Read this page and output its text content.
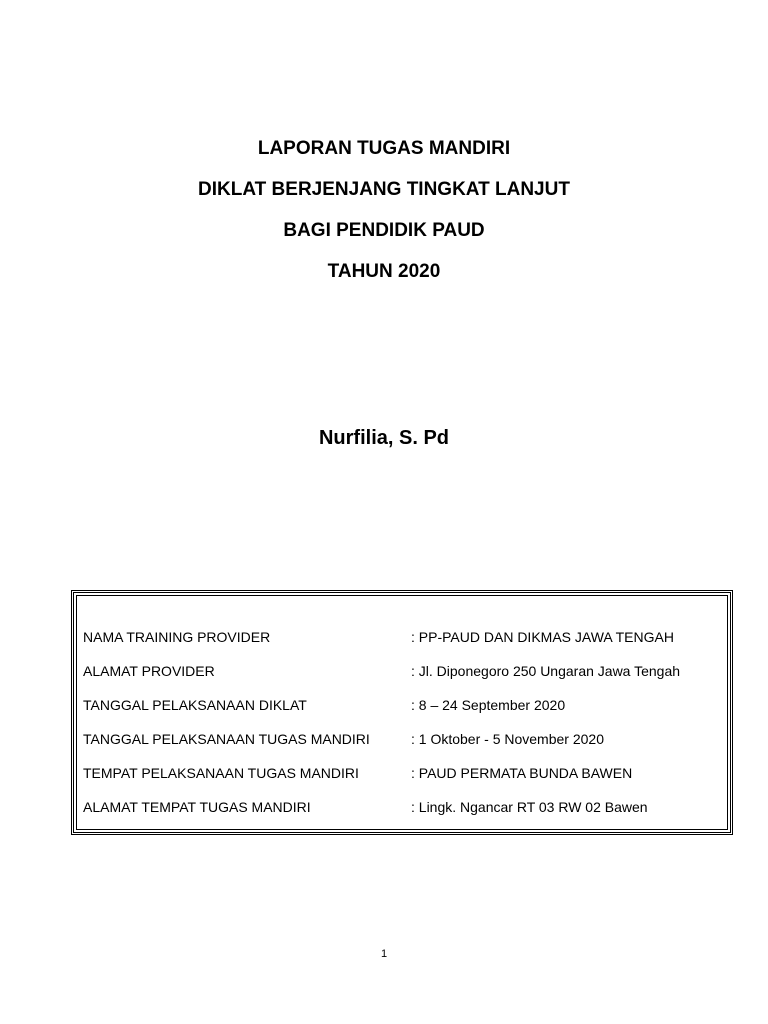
LAPORAN TUGAS MANDIRI
DIKLAT BERJENJANG TINGKAT LANJUT
BAGI PENDIDIK PAUD
TAHUN 2020
Nurfilia, S. Pd
NAMA TRAINING PROVIDER	: PP-PAUD DAN DIKMAS JAWA TENGAH
ALAMAT PROVIDER	: Jl. Diponegoro 250 Ungaran Jawa Tengah
TANGGAL PELAKSANAAN DIKLAT	: 8 – 24 September 2020
TANGGAL PELAKSANAAN TUGAS MANDIRI	: 1 Oktober - 5 November 2020
TEMPAT PELAKSANAAN TUGAS MANDIRI	: PAUD PERMATA BUNDA BAWEN
ALAMAT TEMPAT TUGAS MANDIRI	: Lingk. Ngancar RT 03 RW 02 Bawen
1
